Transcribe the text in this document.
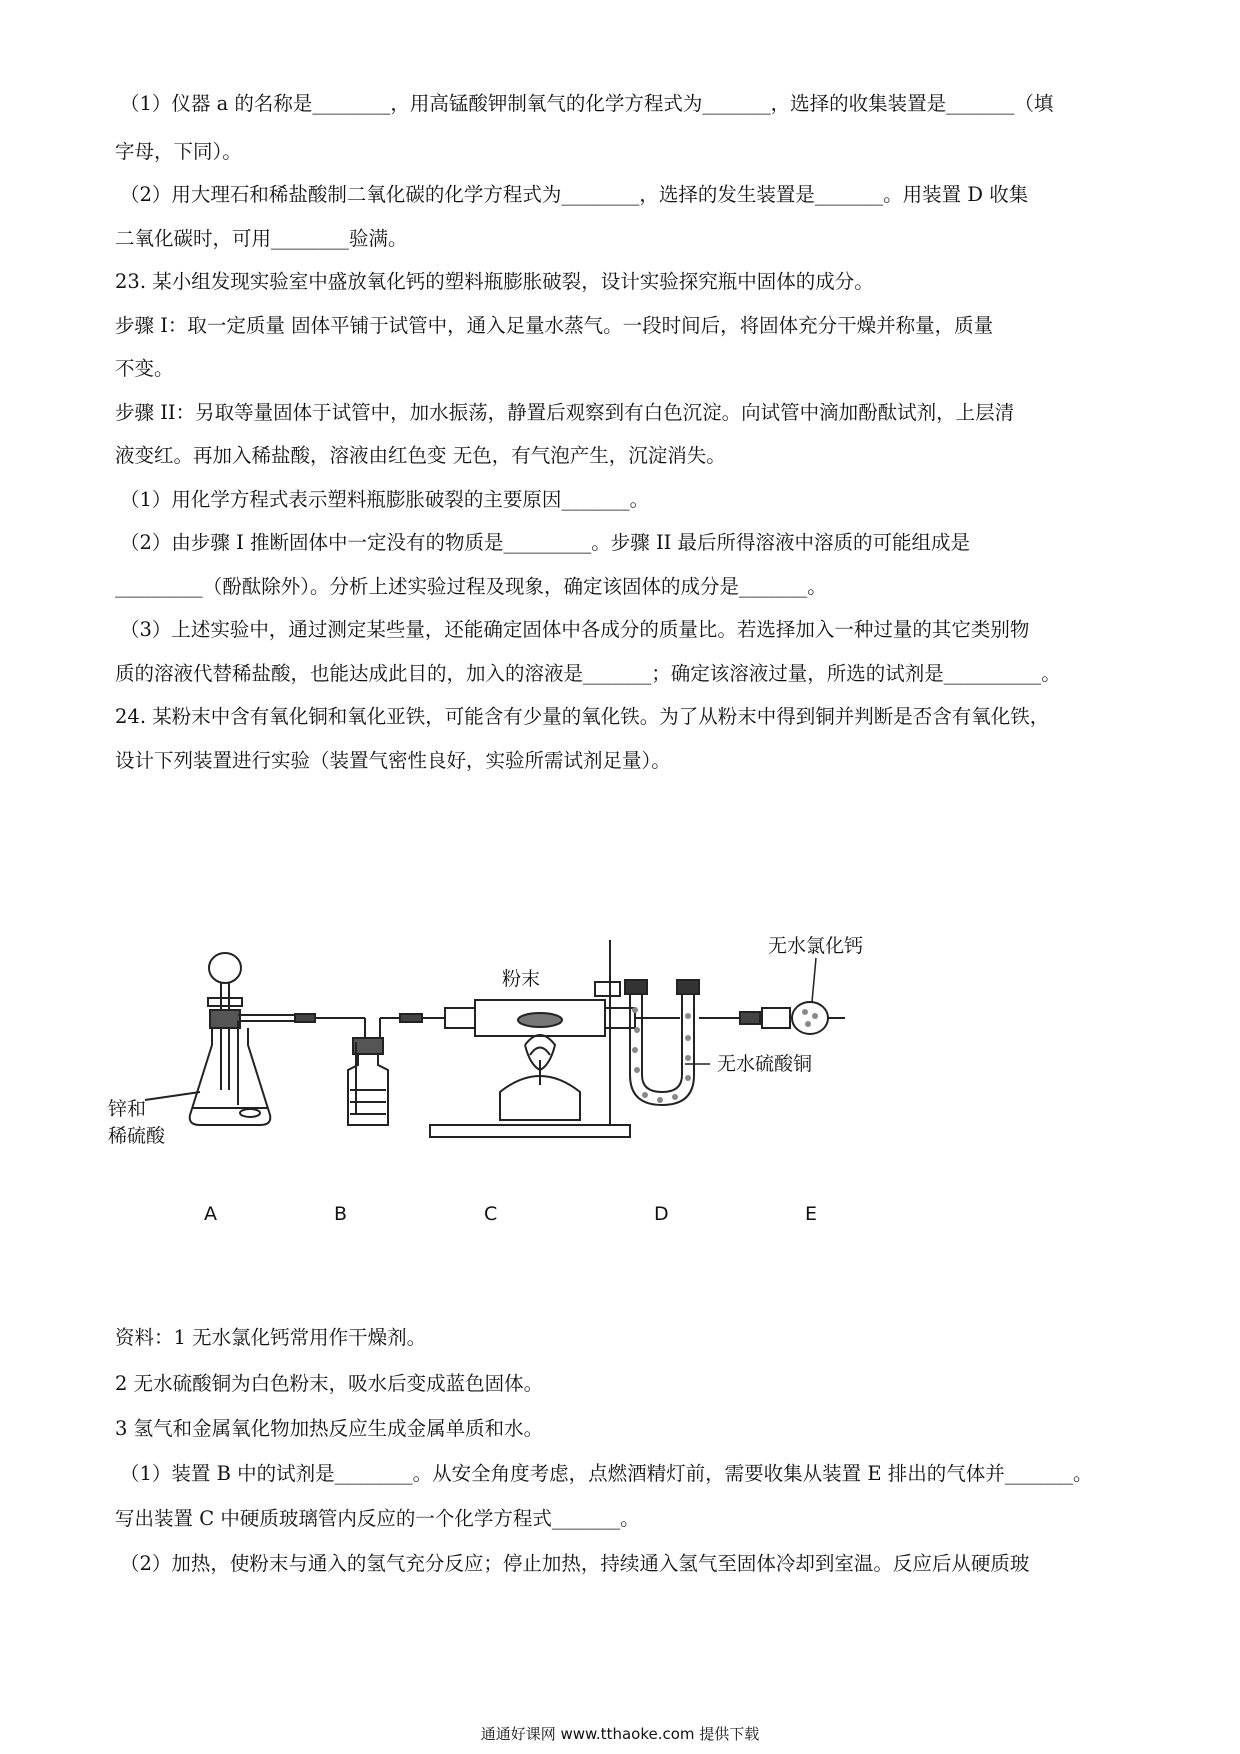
（1）仪器 a 的名称是________，用高锰酸钾制氧气的化学方程式为_______，选择的收集装置是_______（填
字母，下同）。
（2）用大理石和稀盐酸制二氧化碳的化学方程式为________，选择的发生装置是_______。用装置 D 收集
二氧化碳时，可用________验满。
23. 某小组发现实验室中盛放氧化钙的塑料瓶膨胀破裂，设计实验探究瓶中固体的成分。
步骤 I：取一定质量 固体平铺于试管中，通入足量水蒸气。一段时间后，将固体充分干燥并称量，质量
不变。
步骤 II：另取等量固体于试管中，加水振荡，静置后观察到有白色沉淀。向试管中滴加酚酞试剂，上层清
液变红。再加入稀盐酸，溶液由红色变 无色，有气泡产生，沉淀消失。
（1）用化学方程式表示塑料瓶膨胀破裂的主要原因_______。
（2）由步骤 I 推断固体中一定没有的物质是_________。步骤 II 最后所得溶液中溶质的可能组成是
_________（酚酞除外）。分析上述实验过程及现象，确定该固体的成分是_______。
（3）上述实验中，通过测定某些量，还能确定固体中各成分的质量比。若选择加入一种过量的其它类别物
质的溶液代替稀盐酸，也能达成此目的，加入的溶液是_______；确定该溶液过量，所选的试剂是__________。
24. 某粉末中含有氧化铜和氧化亚铁，可能含有少量的氧化铁。为了从粉末中得到铜并判断是否含有氧化铁，
设计下列装置进行实验（装置气密性良好，实验所需试剂足量）。
锌和
稀硫酸
粉末
无水氯化钙
无水硫酸铜
A	B	C	D	E
资料：1 无水氯化钙常用作干燥剂。
2 无水硫酸铜为白色粉末，吸水后变成蓝色固体。
3 氢气和金属氧化物加热反应生成金属单质和水。
（1）装置 B 中的试剂是________。从安全角度考虑，点燃酒精灯前，需要收集从装置 E 排出的气体并_______。
写出装置 C 中硬质玻璃管内反应的一个化学方程式_______。
（2）加热，使粉末与通入的氢气充分反应；停止加热，持续通入氢气至固体冷却到室温。反应后从硬质玻
通通好课网 www.tthaoke.com 提供下载
